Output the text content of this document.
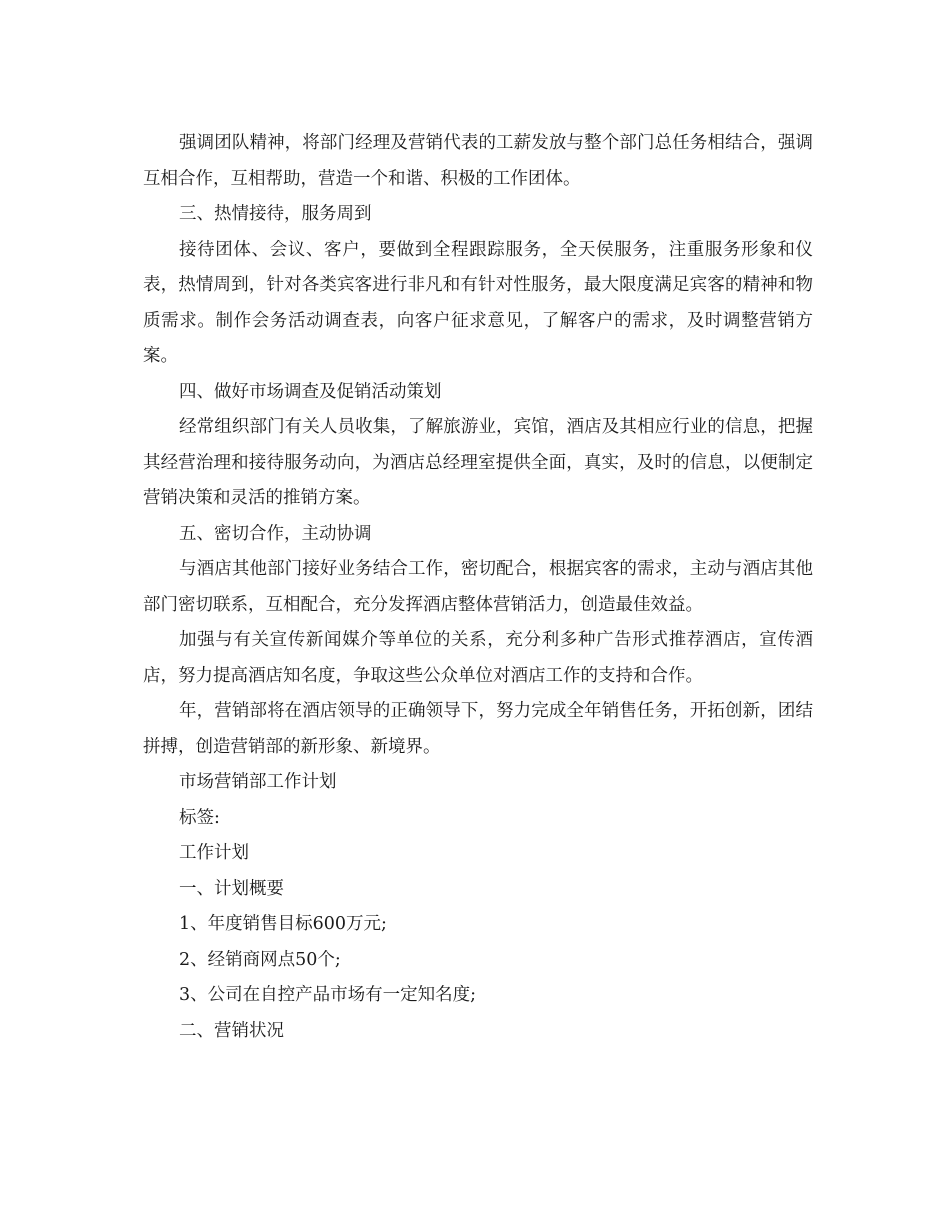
强调团队精神，将部门经理及营销代表的工薪发放与整个部门总任务相结合，强调互相合作，互相帮助，营造一个和谐、积极的工作团体。

三、热情接待，服务周到

接待团体、会议、客户，要做到全程跟踪服务，全天侯服务，注重服务形象和仪表，热情周到，针对各类宾客进行非凡和有针对性服务，最大限度满足宾客的精神和物质需求。制作会务活动调查表，向客户征求意见，了解客户的需求，及时调整营销方案。

四、做好市场调查及促销活动策划

经常组织部门有关人员收集，了解旅游业，宾馆，酒店及其相应行业的信息，把握其经营治理和接待服务动向，为酒店总经理室提供全面，真实，及时的信息，以便制定营销决策和灵活的推销方案。

五、密切合作，主动协调

与酒店其他部门接好业务结合工作，密切配合，根据宾客的需求，主动与酒店其他部门密切联系，互相配合，充分发挥酒店整体营销活力，创造最佳效益。

加强与有关宣传新闻媒介等单位的关系，充分利多种广告形式推荐酒店，宣传酒店，努力提高酒店知名度，争取这些公众单位对酒店工作的支持和合作。

年，营销部将在酒店领导的正确领导下，努力完成全年销售任务，开拓创新，团结拼搏，创造营销部的新形象、新境界。

市场营销部工作计划

标签:

工作计划

一、计划概要

1、年度销售目标600万元;

2、经销商网点50个;

3、公司在自控产品市场有一定知名度;

二、营销状况
